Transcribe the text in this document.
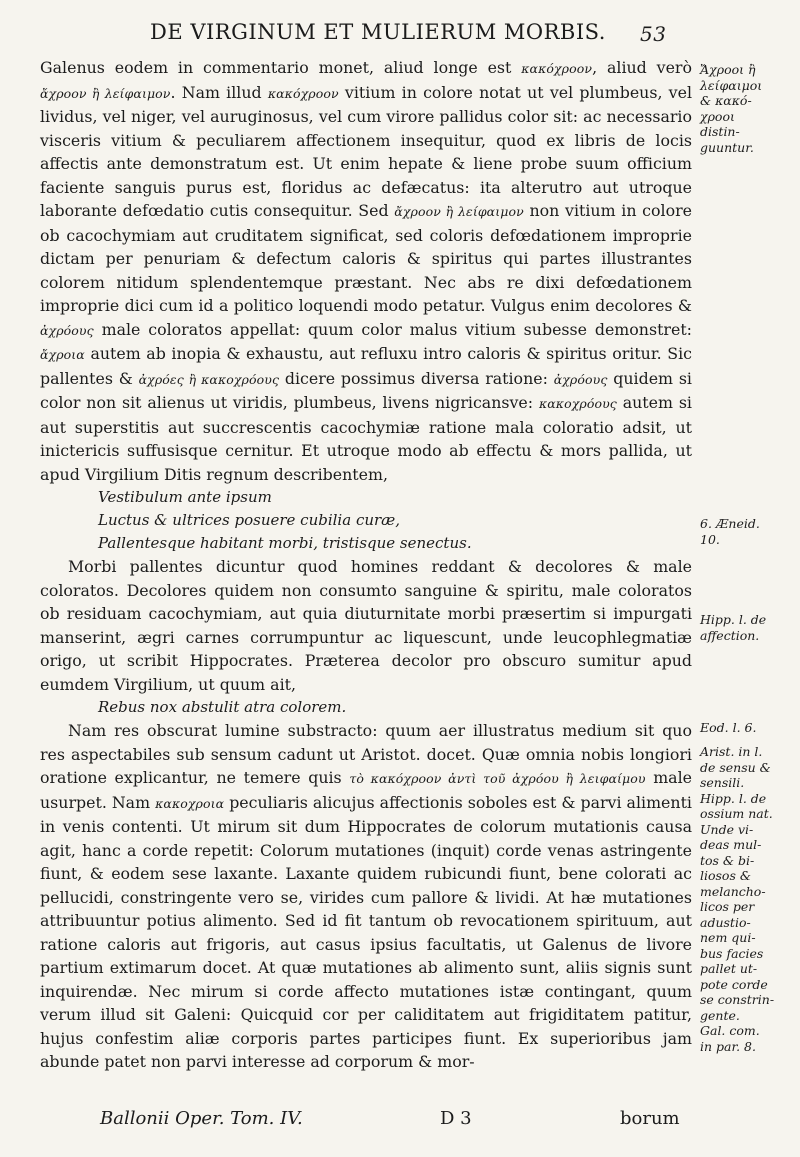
DE VIRGINUM ET MULIERUM MORBIS. 53

Galenus eodem in commentario monet, aliud longe est κακόχροον, aliud verò ἄχροον ἢ λείφαιμον. Nam illud κακόχροον vitium in colore notat ut vel plumbeus, vel lividus, vel niger, vel auruginosus, vel cum virore pallidus color sit: ac necessario visceris vitium & peculiarem affectionem insequitur, quod ex libris de locis affectis ante demonstratum est. Ut enim hepate & liene probe suum officium faciente sanguis purus est, floridus ac defæcatus: ita alterutro aut utroque laborante defœdatio cutis consequitur. Sed ἄχροον ἢ λείφαιμον non vitium in colore ob cacochymiam aut cruditatem significat, sed coloris defœdationem improprie dictam per penuriam & defectum caloris & spiritus qui partes illustrantes colorem nitidum splendentemque præstant. Nec abs re dixi defœdationem improprie dici cum id a politico loquendi modo petatur. Vulgus enim decolores & ἀχρόους male coloratos appellat: quum color malus vitium subesse demonstret: ἄχροια autem ab inopia & exhaustu, aut refluxu intro caloris & spiritus oritur. Sic pallentes & ἀχρόες ἢ κακοχρόους dicere possimus diversa ratione: ἀχρόους quidem si color non sit alienus ut viridis, plumbeus, livens nigricansve: κακοχρόους autem si aut superstitis aut succrescentis cacochymiæ ratione mala coloratio adsit, ut inictericis suffusisque cernitur. Et utroque modo ab effectu & mors pallida, ut apud Virgilium Ditis regnum describentem,

Vestibulum ante ipsum
Luctus & ultrices posuere cubilia curæ,
Pallentesque habitant morbi, tristisque senectus.

Morbi pallentes dicuntur quod homines reddant & decolores & male coloratos. Decolores quidem non consumto sanguine & spiritu, male coloratos ob residuam cacochymiam, aut quia diuturnitate morbi præsertim si impurgati manserint, ægri carnes corrumpuntur ac liquescunt, unde leucophlegmatiæ origo, ut scribit Hippocrates. Præterea decolor pro obscuro sumitur apud eumdem Virgilium, ut quum ait,

Rebus nox abstulit atra colorem.

Nam res obscurat lumine substracto: quum aer illustratus medium sit quo res aspectabiles sub sensum cadunt ut Aristot. docet. Quæ omnia nobis longiori oratione explicantur, ne temere quis τὸ κακόχροον ἀντὶ τοῦ ἀχρόου ἢ λειφαίμου male usurpet. Nam κακοχροια peculiaris alicujus affectionis soboles est & parvi alimenti in venis contenti. Ut mirum sit dum Hippocrates de colorum mutationis causa agit, hanc a corde repetit: Colorum mutationes (inquit) corde venas astringente fiunt, & eodem sese laxante. Laxante quidem rubicundi fiunt, bene colorati ac pellucidi, constringente vero se, virides cum pallore & lividi. At hæ mutationes attribuuntur potius alimento. Sed id fit tantum ob revocationem spirituum, aut ratione caloris aut frigoris, aut casus ipsius facultatis, ut Galenus de livore partium extimarum docet. At quæ mutationes ab alimento sunt, aliis signis sunt inquirendæ. Nec mirum si corde affecto mutationes istæ contingant, quum verum illud sit Galeni: Quicquid cor per caliditatem aut frigiditatem patitur, hujus confestim aliæ corporis partes participes fiunt. Ex superioribus jam abunde patet non parvi interesse ad corporum & mor-

Ἄχροοι ἢ
λείφαιμοι
& κακό-
χροοι
distin-
guuntur.
6. Æneid.
10.
Hipp. l. de
affection.
Eod. l. 6.
Arist. in l.
de sensu &
sensili.
Hipp. l. de
ossium nat.
Unde vi-
deas mul-
tos & bi-
liosos &
melancho-
licos per
adustio-
nem qui-
bus facies
pallet ut-
pote corde
se constrin-
gente.
Gal. com.
in par. 8.
Ballonii Oper. Tom. IV.	D 3	borum
